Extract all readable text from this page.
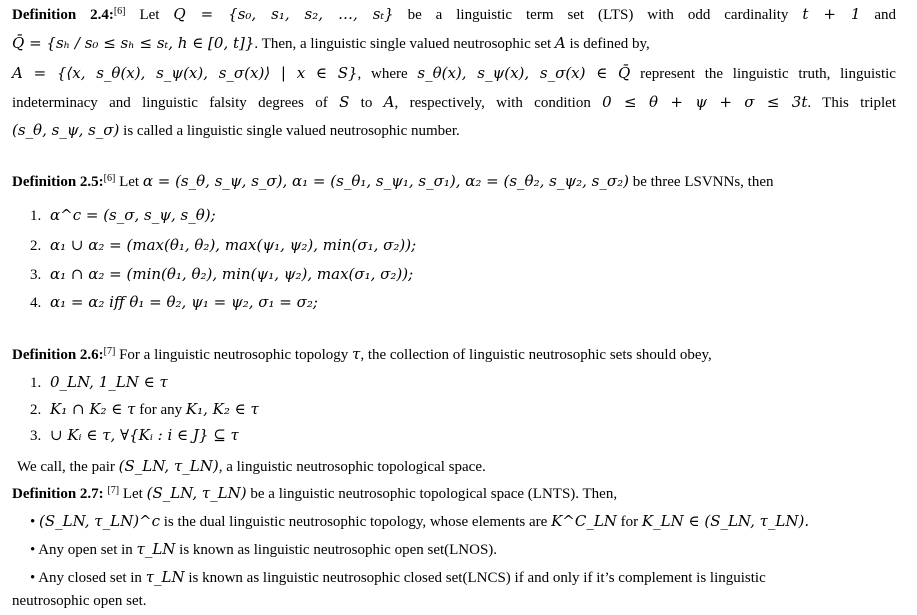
Definition 2.4:[6] Let Q = {s₀, s₁, s₂, …, sₜ} be a linguistic term set (LTS) with odd cardinality t + 1 and
Q̄ = {sₕ / s₀ ≤ sₕ ≤ sₜ, h ∈ [0, t]}. Then, a linguistic single valued neutrosophic set A is defined by,
A = {⟨x, s_θ(x), s_ψ(x), s_σ(x)⟩ | x ∈ S}, where s_θ(x), s_ψ(x), s_σ(x) ∈ Q̄ represent the linguistic truth, linguistic
indeterminacy and linguistic falsity degrees of S to A, respectively, with condition 0 ≤ θ + ψ + σ ≤ 3t. This triplet
(s_θ, s_ψ, s_σ) is called a linguistic single valued neutrosophic number.
Definition 2.5:[6] Let α = (s_θ, s_ψ, s_σ), α₁ = (s_θ₁, s_ψ₁, s_σ₁), α₂ = (s_θ₂, s_ψ₂, s_σ₂) be three LSVNNs, then
1. α^c = (s_σ, s_ψ, s_θ);
2. α₁ ∪ α₂ = (max(θ₁, θ₂), max(ψ₁, ψ₂), min(σ₁, σ₂));
3. α₁ ∩ α₂ = (min(θ₁, θ₂), min(ψ₁, ψ₂), max(σ₁, σ₂));
4. α₁ = α₂ iff θ₁ = θ₂, ψ₁ = ψ₂, σ₁ = σ₂;
Definition 2.6:[7] For a linguistic neutrosophic topology τ, the collection of linguistic neutrosophic sets should obey,
1. 0_LN, 1_LN ∈ τ
2. K₁ ∩ K₂ ∈ τ for any K₁, K₂ ∈ τ
3. ∪ Kᵢ ∈ τ, ∀{Kᵢ : i ∈ J} ⊆ τ
We call, the pair (S_LN, τ_LN), a linguistic neutrosophic topological space.
Definition 2.7: [7] Let (S_LN, τ_LN) be a linguistic neutrosophic topological space (LNTS). Then,
• (S_LN, τ_LN)^c is the dual linguistic neutrosophic topology, whose elements are K^C_LN for K_LN ∈ (S_LN, τ_LN).
• Any open set in τ_LN is known as linguistic neutrosophic open set(LNOS).
• Any closed set in τ_LN is known as linguistic neutrosophic closed set(LNCS) if and only if it’s complement is linguistic
neutrosophic open set.
